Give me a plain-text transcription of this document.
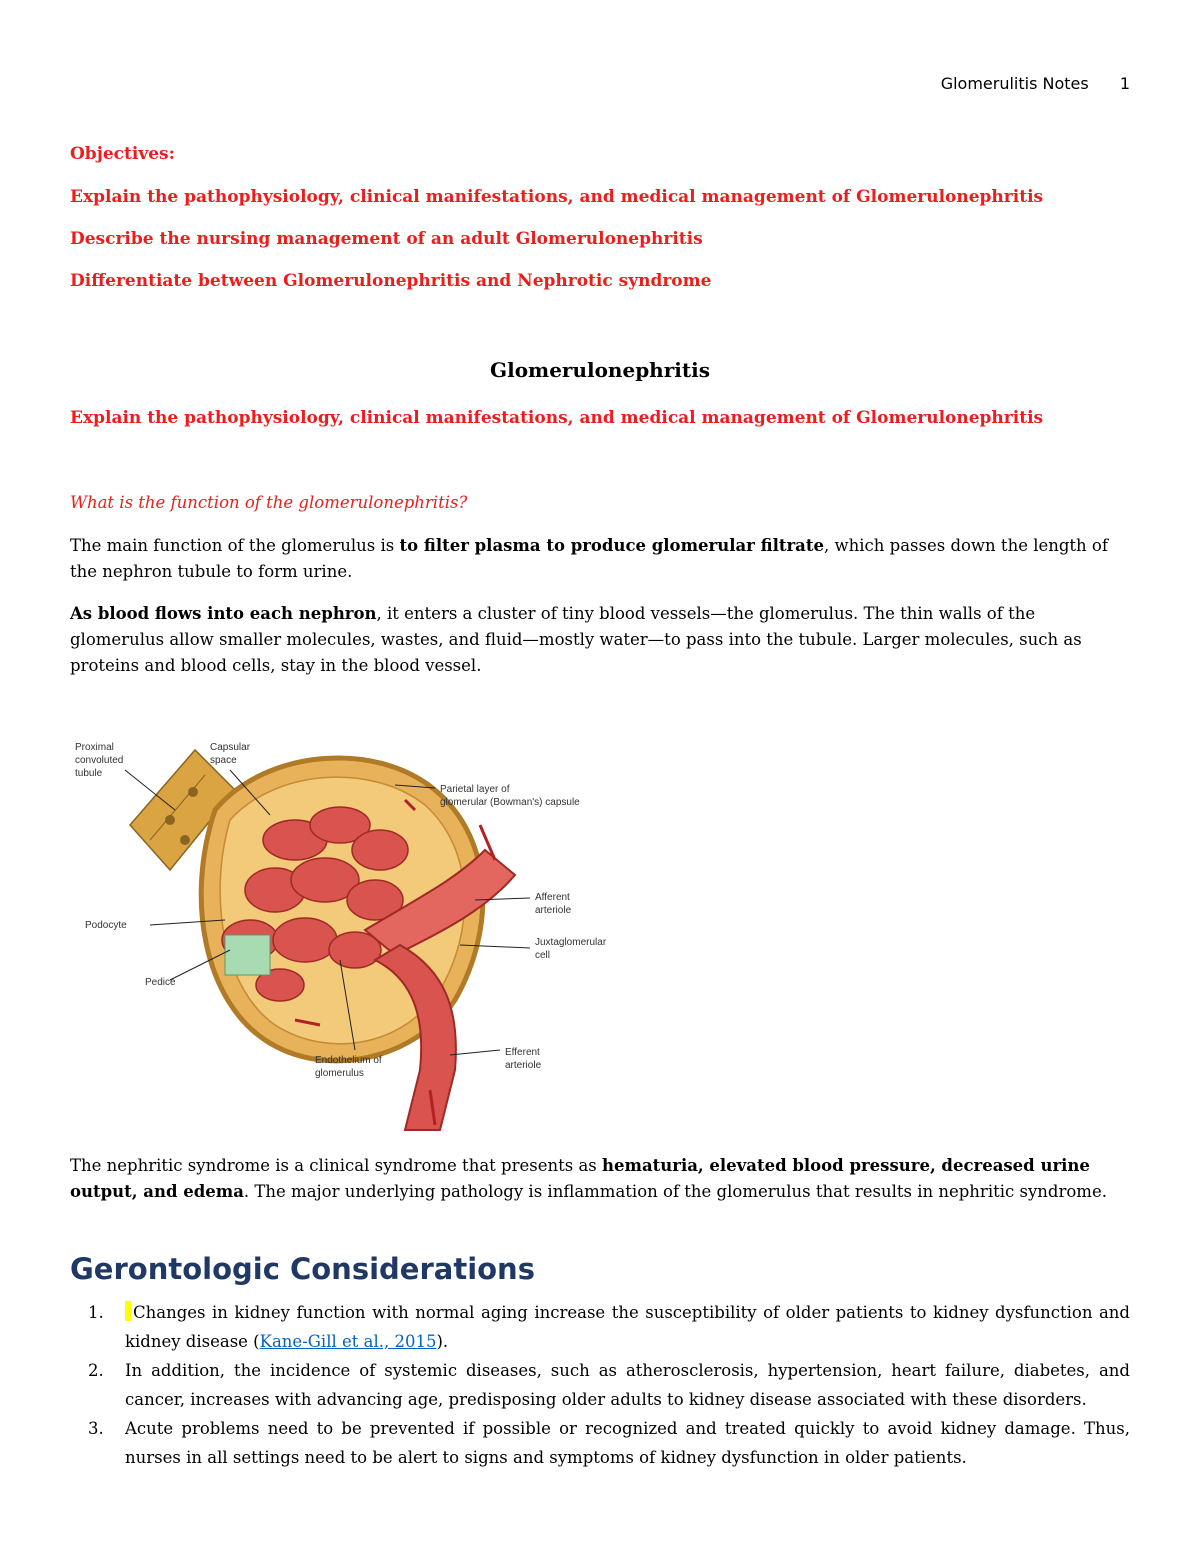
Glomerulitis Notes 1
Objectives:
Explain the pathophysiology, clinical manifestations, and medical management of Glomerulonephritis
Describe the nursing management of an adult Glomerulonephritis
Differentiate between Glomerulonephritis and Nephrotic syndrome
Glomerulonephritis
Explain the pathophysiology, clinical manifestations, and medical management of Glomerulonephritis
What is the function of the glomerulonephritis?
The main function of the glomerulus is to filter plasma to produce glomerular filtrate, which passes down the length of the nephron tubule to form urine.
As blood flows into each nephron, it enters a cluster of tiny blood vessels—the glomerulus. The thin walls of the glomerulus allow smaller molecules, wastes, and fluid—mostly water—to pass into the tubule. Larger molecules, such as proteins and blood cells, stay in the blood vessel.
Proximal convoluted tubule
Capsular space
Parietal layer of glomerular (Bowman's) capsule
Afferent arteriole
Juxtaglomerular cell
Podocyte
Pedice
Endothelium of glomerulus
Efferent arteriole
The nephritic syndrome is a clinical syndrome that presents as hematuria, elevated blood pressure, decreased urine output, and edema. The major underlying pathology is inflammation of the glomerulus that results in nephritic syndrome.
Gerontologic Considerations
1. Changes in kidney function with normal aging increase the susceptibility of older patients to kidney dysfunction and kidney disease (Kane-Gill et al., 2015).
2. In addition, the incidence of systemic diseases, such as atherosclerosis, hypertension, heart failure, diabetes, and cancer, increases with advancing age, predisposing older adults to kidney disease associated with these disorders.
3. Acute problems need to be prevented if possible or recognized and treated quickly to avoid kidney damage. Thus, nurses in all settings need to be alert to signs and symptoms of kidney dysfunction in older patients.
